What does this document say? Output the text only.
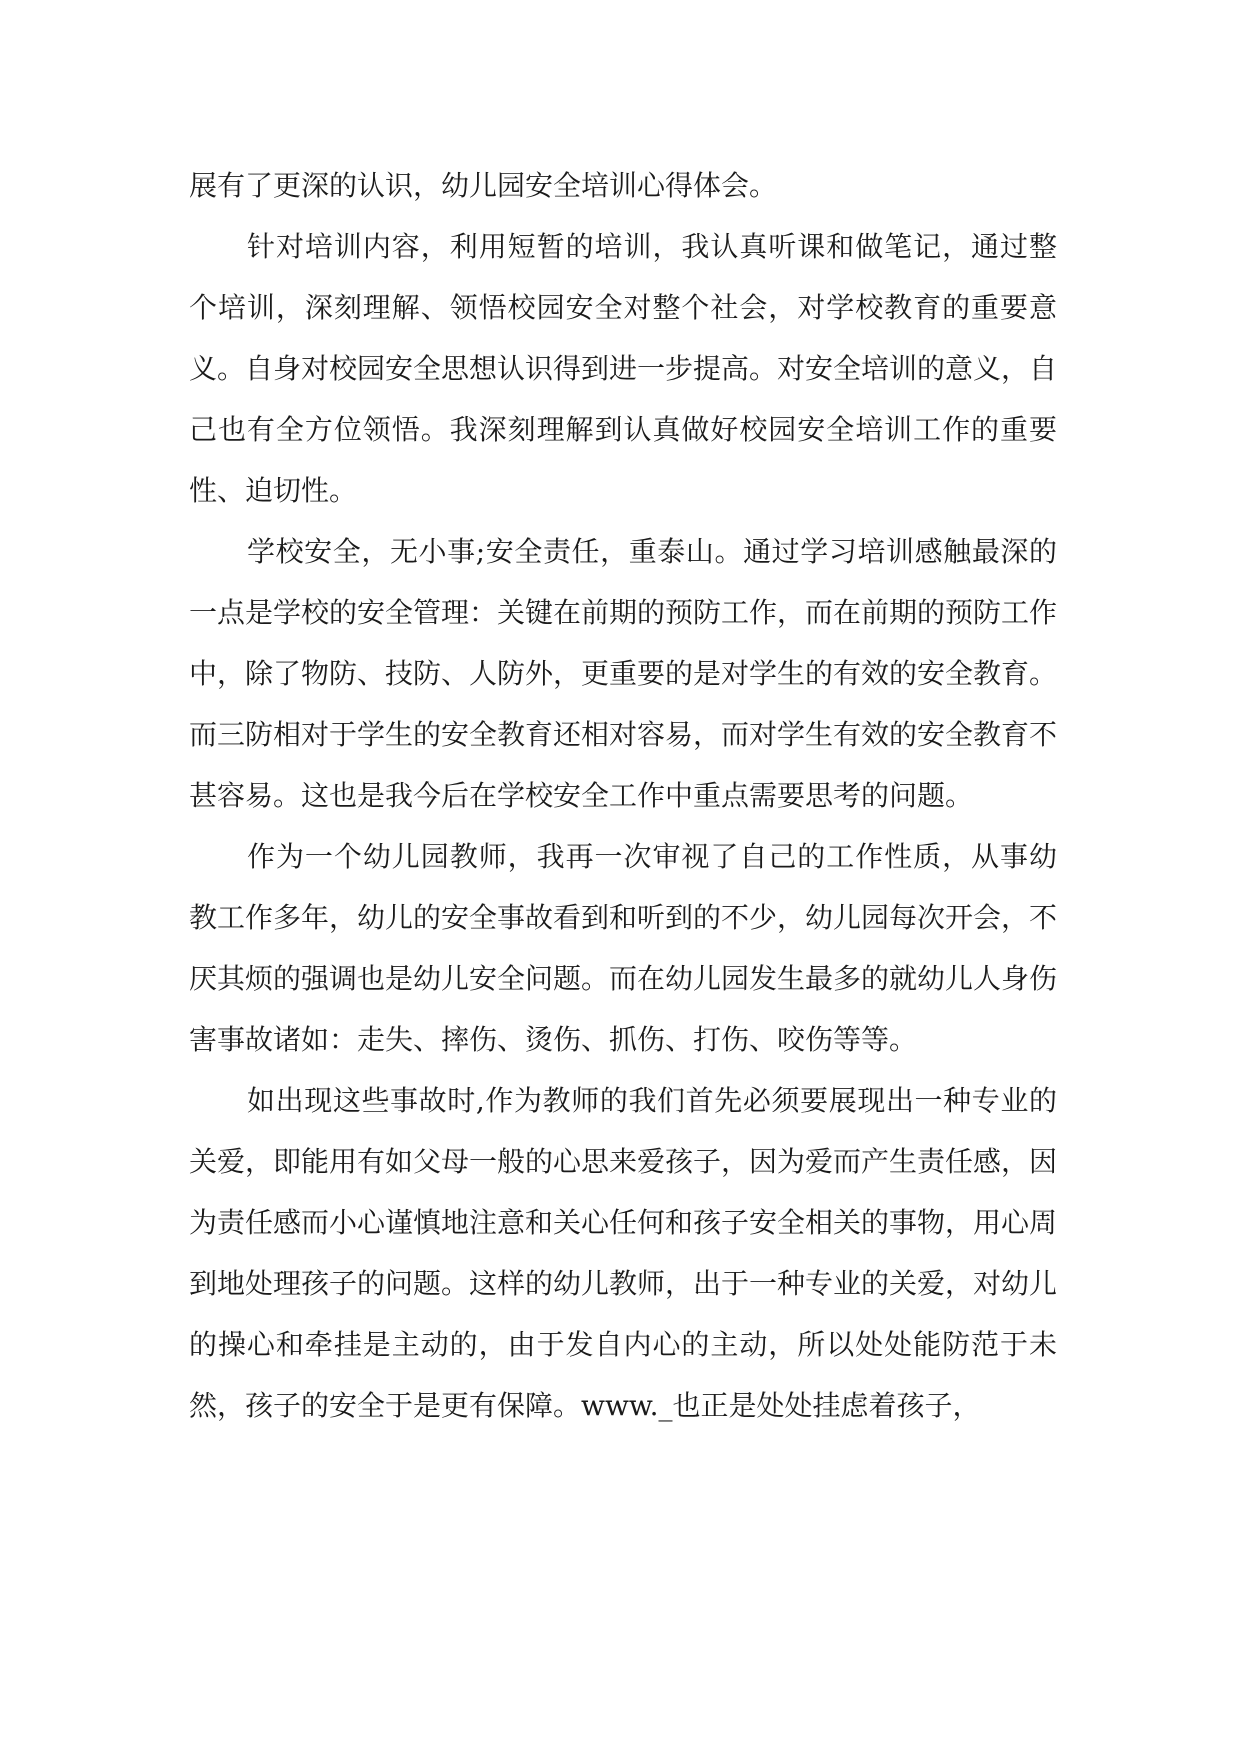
展有了更深的认识，幼儿园安全培训心得体会。

针对培训内容，利用短暂的培训，我认真听课和做笔记，通过整个培训，深刻理解、领悟校园安全对整个社会，对学校教育的重要意义。自身对校园安全思想认识得到进一步提高。对安全培训的意义，自己也有全方位领悟。我深刻理解到认真做好校园安全培训工作的重要性、迫切性。

学校安全，无小事;安全责任，重泰山。通过学习培训感触最深的一点是学校的安全管理：关键在前期的预防工作，而在前期的预防工作中，除了物防、技防、人防外，更重要的是对学生的有效的安全教育。而三防相对于学生的安全教育还相对容易，而对学生有效的安全教育不甚容易。这也是我今后在学校安全工作中重点需要思考的问题。

作为一个幼儿园教师，我再一次审视了自己的工作性质，从事幼教工作多年，幼儿的安全事故看到和听到的不少，幼儿园每次开会，不厌其烦的强调也是幼儿安全问题。而在幼儿园发生最多的就幼儿人身伤害事故诸如：走失、摔伤、烫伤、抓伤、打伤、咬伤等等。

如出现这些事故时,作为教师的我们首先必须要展现出一种专业的关爱，即能用有如父母一般的心思来爱孩子，因为爱而产生责任感，因为责任感而小心谨慎地注意和关心任何和孩子安全相关的事物，用心周到地处理孩子的问题。这样的幼儿教师，出于一种专业的关爱，对幼儿的操心和牵挂是主动的，由于发自内心的主动，所以处处能防范于未然，孩子的安全于是更有保障。www._也正是处处挂虑着孩子，
